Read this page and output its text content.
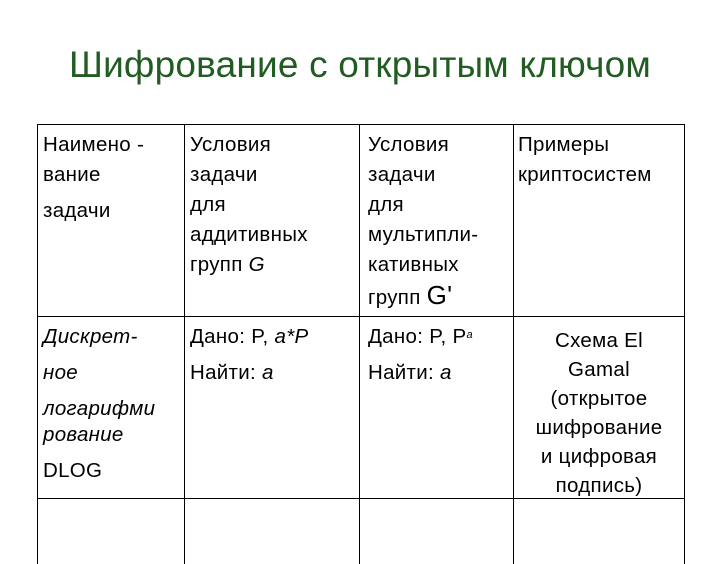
Шифрование с открытым ключом

Наимено -

вание

задачи

Условия

задачи

для

аддитивных

групп G

Условия

задачи

для

мультипли-

кативных

групп G'

Примеры

криптосистем

Дискрет-

ное

логарифми

рование

DLOG

Дано: P, a*P

Найти: a

Дано: P, $P^a$

Найти: a

Схема El

Gamal

(открытое

шифрование

и цифровая

подпись)
